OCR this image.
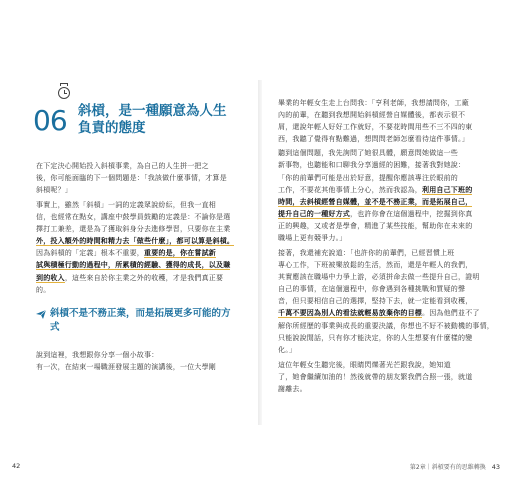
06 斜槓，是一種願意為人生
負責的態度
在下定決心開始投入斜槓事業，為自己的人生拼一把之
後，你可能面臨的下一個問題是：「我該做什麼事情，才算是
斜槓呢？」
事實上，雖然「斜槓」一詞的定義眾說紛紜，但我一直相
信，也經常在點女，講座中鼓學員鼓勵的定義是：不論你是選
擇打工兼差，還是為了獲取斜身分去進修學習，只要你在主業
外，投入額外的時間和精力去「做些什麼」，都可以算是斜槓。
因為斜槓的「定義」根本不重要，重要的是，你在嘗試新
試與積極行動的過程中，所累積的經驗、獲得的成長，以及賺
到的收入，這些來自於你主業之外的收穫，才是我們真正要
的。
斜槓不是不務正業，而是拓展更多可能的方
式
說到這裡，我想跟你分享一個小故事：
有一次，在結束一場職涯發展主題的演講後，一位大學剛
42
畢業的年輕女生走上台問我：「亨利老師，我想請問你，工廠
內的前輩，在聽到我想開始斜槓經營自媒體後，都表示很不
屑，還說年輕人好好工作就好，不要花時間用些不三不四的東
西，我聽了覺得有點難過，想問問老師怎麼看待這件事情。」
聽到這個問題，我先詢問了她很具體，願意問她做這一些
新事物，也聽能和口聊我分享過經的困難，接著我對她說：
「你的前輩們可能是出於好意，提醒你應該專注於眼前的
工作，不要花其他事情上分心，然而我認為，利用自己下班的
時間，去斜槓經營自媒體，並不是不務正業，而是拓展自己，
提升自己的一種好方式，也許你會在這個過程中，挖掘到你真
正的興趣，又或者是學會，精進了某些技能，幫助你在未來的
職場上更有競爭力。」
接著，我還補充說道：「也許你的前輩們，已經習慣上班
專心工作，下班被樂放鬆的生活，然而，還是年輕人的我們，
其實應該在職場中力爭上游，必須拼命去做一些提升自己，證明
自己的事情，在這個過程中，你會遇到各種挑戰和質疑的聲
音，但只要相信自己的選擇，堅持下去，就一定能看到收穫，
千萬不要因為別人的看法就輕易放棄你的目標。因為他們並不了
解你所經歷的事業與成長的重要決議，你想也不好不被動機的事情，
只能說說閒話，只有你才能決定，你的人生想要有什麼樣的變
化。」
這位年輕女生聽完後，眼睛閃爍著光芒跟我說，她知道
了，她會繼續加油的！然後就帶的朋友繁我們合照一張，就道
謝離去。
第2章｜斜槓要有的思維轉換 43
